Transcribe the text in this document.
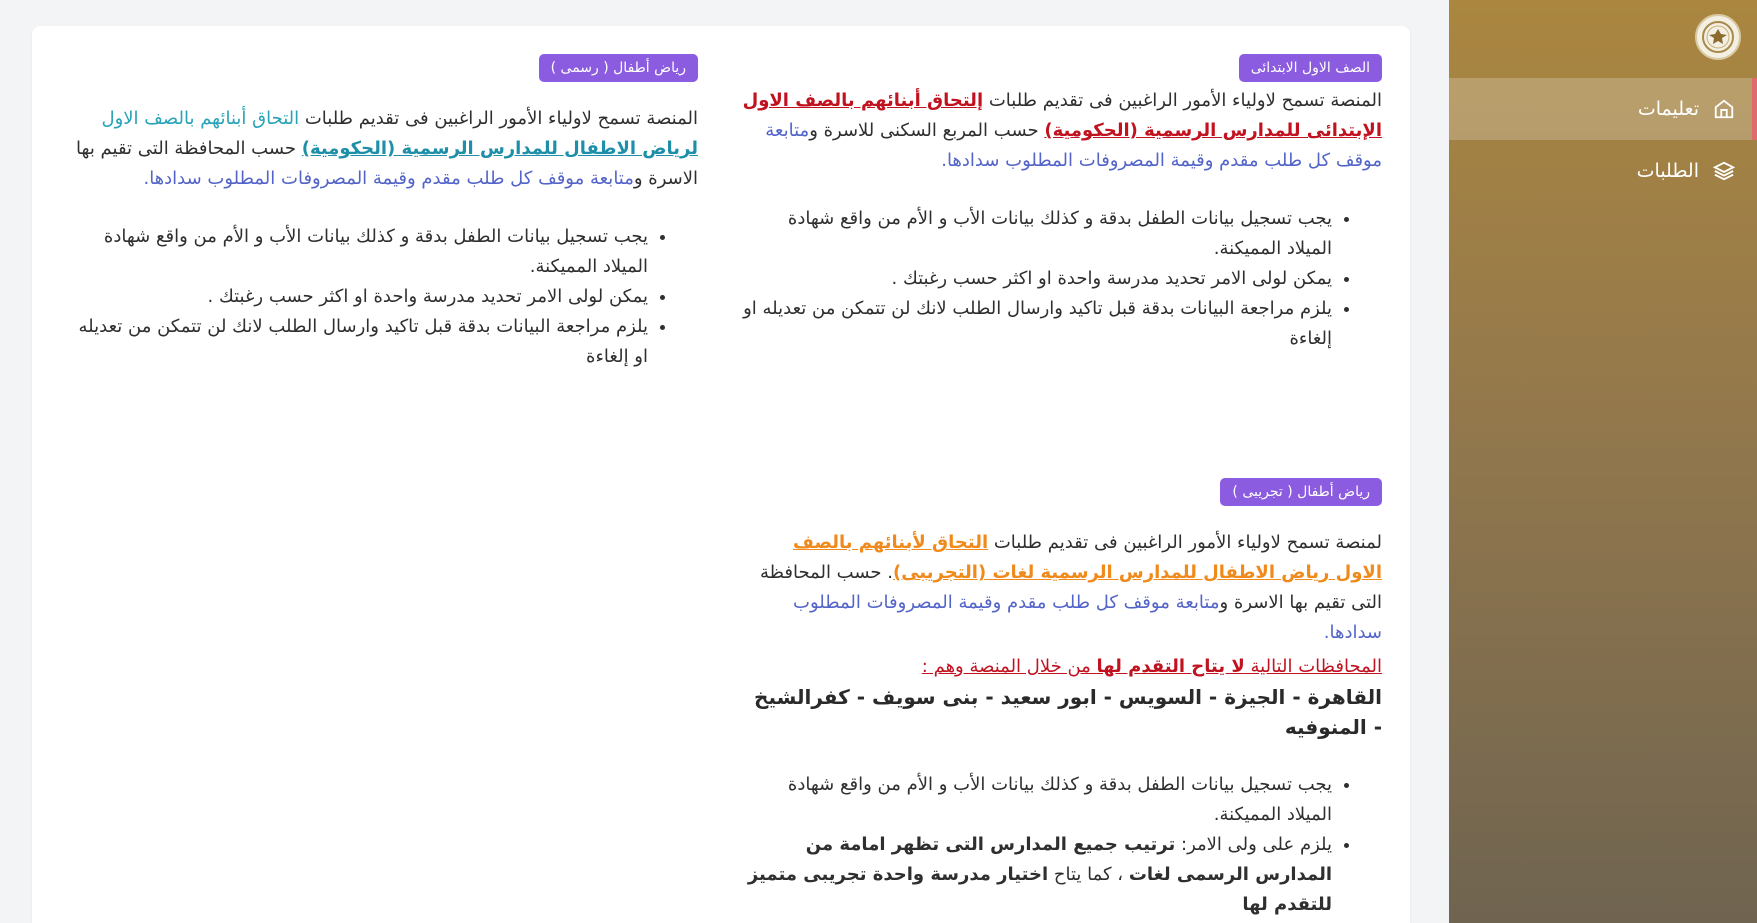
تعليمات
الطلبات
الصف الاول الابتدائى

المنصة تسمح لاولياء الأمور الراغبين فى تقديم طلبات إلتحاق أبنائهم بالصف الاول الإبتدائى للمدارس الرسمية (الحكومية) حسب المربع السكنى للاسرة ومتابعة موقف كل طلب مقدم وقيمة المصروفات المطلوب سدادها.

• يجب تسجيل بيانات الطفل بدقة و كذلك بيانات الأب و الأم من واقع شهادة الميلاد المميكنة.
• يمكن لولى الامر تحديد مدرسة واحدة او اكثر حسب رغبتك .
• يلزم مراجعة البيانات بدقة قبل تاكيد وارسال الطلب لانك لن تتمكن من تعديله او إلغاءة
رياض أطفال ( رسمى )

المنصة تسمح لاولياء الأمور الراغبين فى تقديم طلبات التحاق أبنائهم بالصف الاول لرياض الاطفال للمدارس الرسمية (الحكومية) حسب المحافظة التى تقيم بها الاسرة ومتابعة موقف كل طلب مقدم وقيمة المصروفات المطلوب سدادها.

• يجب تسجيل بيانات الطفل بدقة و كذلك بيانات الأب و الأم من واقع شهادة الميلاد المميكنة.
• يمكن لولى الامر تحديد مدرسة واحدة او اكثر حسب رغبتك .
• يلزم مراجعة البيانات بدقة قبل تاكيد وارسال الطلب لانك لن تتمكن من تعديله او إلغاءة
رياض أطفال ( تجريبى )

لمنصة تسمح لاولياء الأمور الراغبين فى تقديم طلبات التحاق لأبنائهم بالصف الاول رياض الاطفال للمدارس الرسمية لغات (التجريبى). حسب المحافظة التى تقيم بها الاسرة ومتابعة موقف كل طلب مقدم وقيمة المصروفات المطلوب سدادها.

المحافظات التالية لا يتاح التقدم لها من خلال المنصة وهم :

القاهرة - الجيزة - السويس - ابور سعيد - بنى سويف - كفرالشيخ - المنوفيه

• يجب تسجيل بيانات الطفل بدقة و كذلك بيانات الأب و الأم من واقع شهادة الميلاد المميكنة.
• يلزم على ولى الامر: ترتيب جميع المدارس التى تظهر امامة من المدارس الرسمى لغات ، كما يتاح اختيار مدرسة واحدة تجريبى متميز للتقدم لها
